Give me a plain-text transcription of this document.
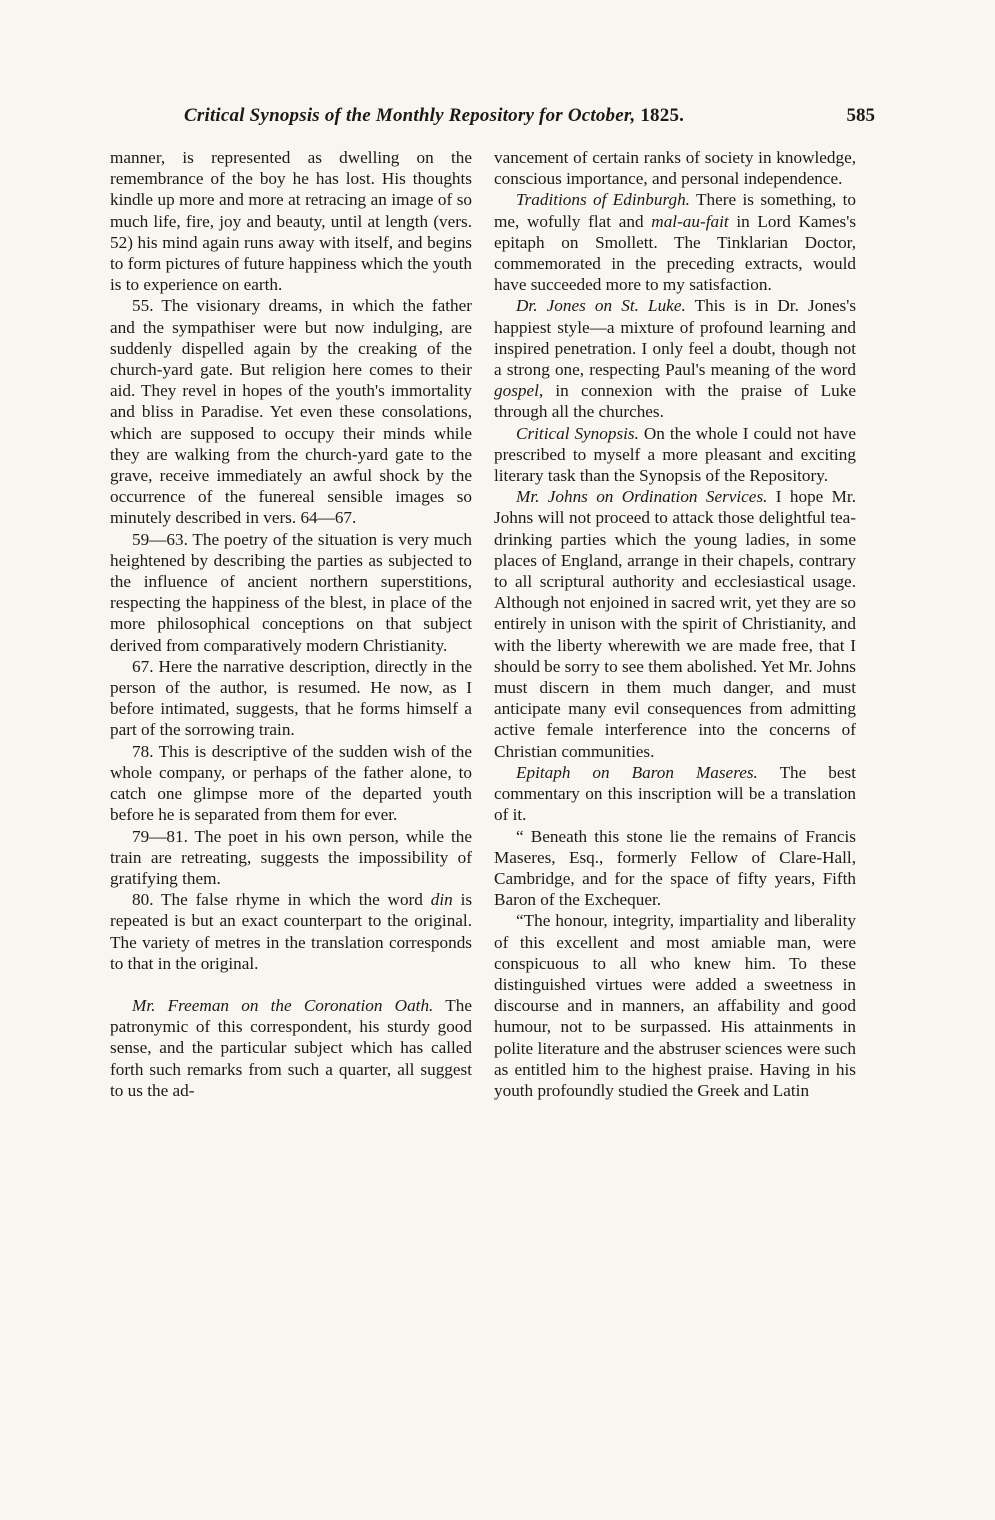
Critical Synopsis of the Monthly Repository for October, 1825.	585

manner, is represented as dwelling on the remembrance of the boy he has lost. His thoughts kindle up more and more at retracing an image of so much life, fire, joy and beauty, until at length (vers. 52) his mind again runs away with itself, and begins to form pictures of future happiness which the youth is to experience on earth.

55. The visionary dreams, in which the father and the sympathiser were but now indulging, are suddenly dispelled again by the creaking of the church-yard gate. But religion here comes to their aid. They revel in hopes of the youth's immortality and bliss in Paradise. Yet even these consolations, which are supposed to occupy their minds while they are walking from the church-yard gate to the grave, receive immediately an awful shock by the occurrence of the funereal sensible images so minutely described in vers. 64—67.

59—63. The poetry of the situation is very much heightened by describing the parties as subjected to the influence of ancient northern superstitions, respecting the happiness of the blest, in place of the more philosophical conceptions on that subject derived from comparatively modern Christianity.

67. Here the narrative description, directly in the person of the author, is resumed. He now, as I before intimated, suggests, that he forms himself a part of the sorrowing train.

78. This is descriptive of the sudden wish of the whole company, or perhaps of the father alone, to catch one glimpse more of the departed youth before he is separated from them for ever.

79—81. The poet in his own person, while the train are retreating, suggests the impossibility of gratifying them.

80. The false rhyme in which the word din is repeated is but an exact counterpart to the original. The variety of metres in the translation corresponds to that in the original.

Mr. Freeman on the Coronation Oath. The patronymic of this correspondent, his sturdy good sense, and the particular subject which has called forth such remarks from such a quarter, all suggest to us the ad-

vancement of certain ranks of society in knowledge, conscious importance, and personal independence.

Traditions of Edinburgh. There is something, to me, wofully flat and mal-au-fait in Lord Kames's epitaph on Smollett. The Tinklarian Doctor, commemorated in the preceding extracts, would have succeeded more to my satisfaction.

Dr. Jones on St. Luke. This is in Dr. Jones's happiest style—a mixture of profound learning and inspired penetration. I only feel a doubt, though not a strong one, respecting Paul's meaning of the word gospel, in connexion with the praise of Luke through all the churches.

Critical Synopsis. On the whole I could not have prescribed to myself a more pleasant and exciting literary task than the Synopsis of the Repository.

Mr. Johns on Ordination Services. I hope Mr. Johns will not proceed to attack those delightful tea-drinking parties which the young ladies, in some places of England, arrange in their chapels, contrary to all scriptural authority and ecclesiastical usage. Although not enjoined in sacred writ, yet they are so entirely in unison with the spirit of Christianity, and with the liberty wherewith we are made free, that I should be sorry to see them abolished. Yet Mr. Johns must discern in them much danger, and must anticipate many evil consequences from admitting active female interference into the concerns of Christian communities.

Epitaph on Baron Maseres. The best commentary on this inscription will be a translation of it.

“ Beneath this stone lie the remains of Francis Maseres, Esq., formerly Fellow of Clare-Hall, Cambridge, and for the space of fifty years, Fifth Baron of the Exchequer.

“The honour, integrity, impartiality and liberality of this excellent and most amiable man, were conspicuous to all who knew him. To these distinguished virtues were added a sweetness in discourse and in manners, an affability and good humour, not to be surpassed. His attainments in polite literature and the abstruser sciences were such as entitled him to the highest praise. Having in his youth profoundly studied the Greek and Latin
